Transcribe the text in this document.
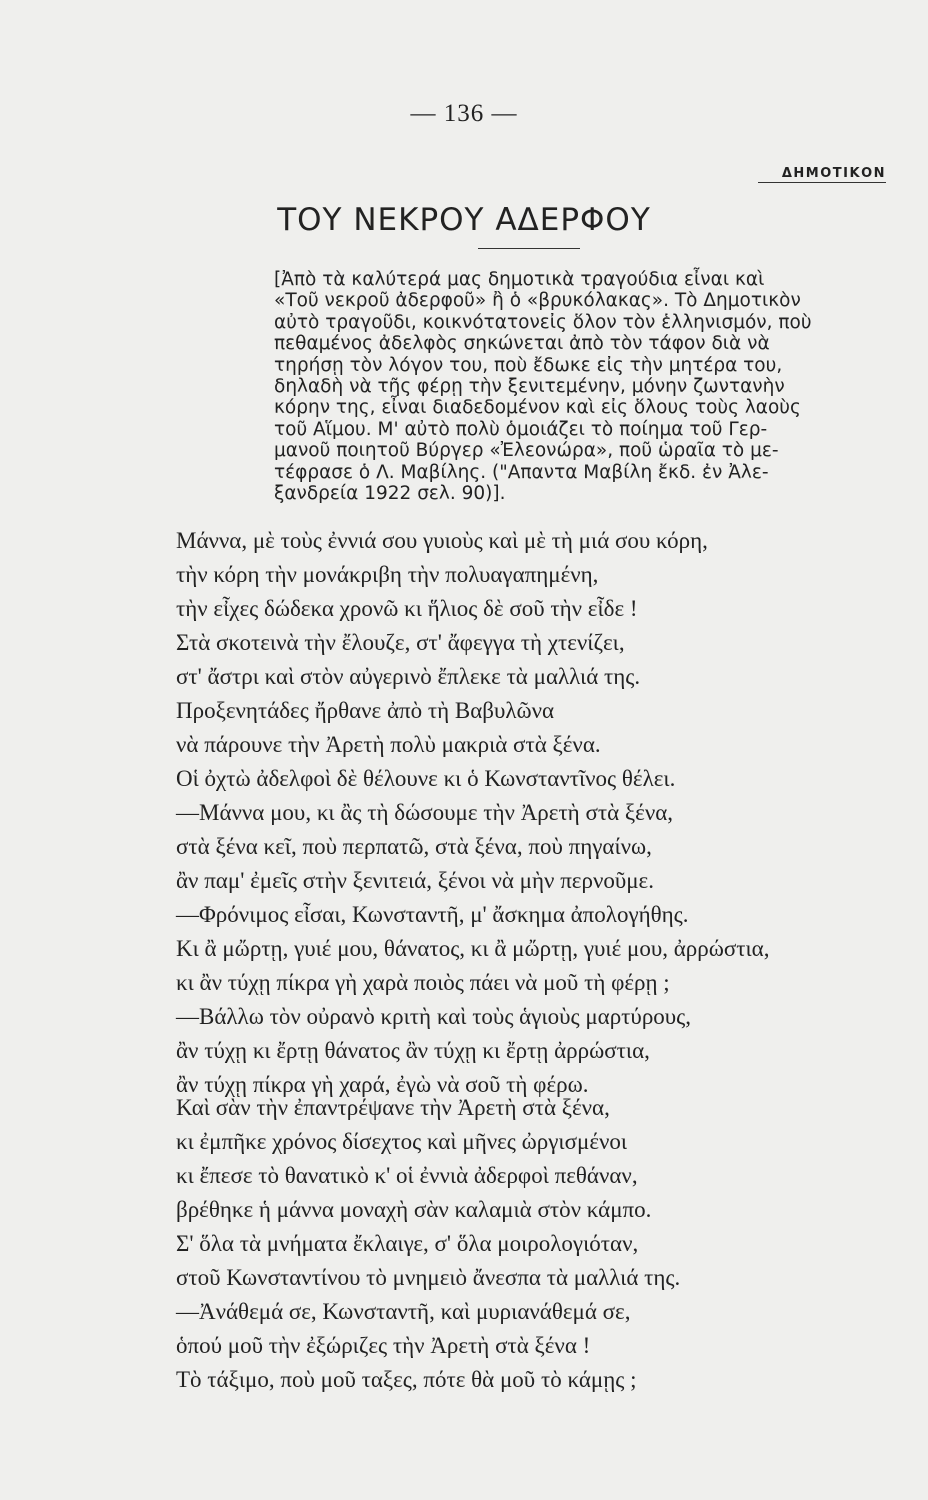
— 136 —
ΔΗΜΟΤΙΚΟΝ
ΤΟΥ ΝΕΚΡΟΥ ΑΔΕΡΦΟΥ
[Ἀπὸ τὰ καλύτερά μας δημοτικὰ τραγούδια εἶναι καὶ
«Τοῦ νεκροῦ ἀδερφοῦ» ἢ ὁ «βρυκόλακας». Τὸ Δημοτικὸν
αὐτὸ τραγοῦδι, κοικνότατονεἰς ὅλον τὸν ἑλληνισμόν, ποὺ
πεθαμένος ἀδελφὸς σηκώνεται ἀπὸ τὸν τάφον διὰ νὰ
τηρήσῃ τὸν λόγον του, ποὺ ἔδωκε εἰς τὴν μητέρα του,
δηλαδὴ νὰ τῆς φέρῃ τὴν ξενιτεμένην, μόνην ζωντανὴν
κόρην της, εἶναι διαδεδομένον καὶ εἰς ὅλους τοὺς λαοὺς
τοῦ Αἵμου. Μ' αὐτὸ πολὺ ὁμοιάζει τὸ ποίημα τοῦ Γερ-
μανοῦ ποιητοῦ Βύργερ «Ἐλεονώρα», ποῦ ὡραῖα τὸ με-
τέφρασε ὁ Λ. Μαβίλης. ("Απαντα Μαβίλη ἔκδ. ἐν Ἀλε-
ξανδρεία 1922 σελ. 90)].
Μάννα, μὲ τοὺς ἐννιά σου γυιοὺς καὶ μὲ τὴ μιά σου κόρη,
τὴν κόρη τὴν μονάκριβη τὴν πολυαγαπημένη,
τὴν εἶχες δώδεκα χρονῶ κι ἥλιος δὲ σοῦ τὴν εἶδε !
Στὰ σκοτεινὰ τὴν ἔλουζε, στ' ἄφεγγα τὴ χτενίζει,
στ' ἄστρι καὶ στὸν αὐγερινὸ ἔπλεκε τὰ μαλλιά της.
Προξενητάδες ἤρθανε ἀπὸ τὴ Βαβυλῶνα
νὰ πάρουνε τὴν Ἀρετὴ πολὺ μακριὰ στὰ ξένα.
Οἱ ὀχτὼ ἀδελφοὶ δὲ θέλουνε κι ὁ Κωνσταντῖνος θέλει.
—Μάννα μου, κι ἂς τὴ δώσουμε τὴν Ἀρετὴ στὰ ξένα,
στὰ ξένα κεῖ, ποὺ περπατῶ, στὰ ξένα, ποὺ πηγαίνω,
ἂν παμ' ἐμεῖς στὴν ξενιτειά, ξένοι νὰ μὴν περνοῦμε.
—Φρόνιμος εἶσαι, Κωνσταντῆ, μ' ἄσκημα ἀπολογήθης.
Κι ἂ μὤρτῃ, γυιέ μου, θάνατος, κι ἂ μὤρτῃ, γυιέ μου, ἀρρώστια,
κι ἂν τύχῃ πίκρα γὴ χαρὰ ποιὸς πάει νὰ μοῦ τὴ φέρῃ ;
—Βάλλω τὸν οὐρανὸ κριτὴ καὶ τοὺς ἁγιοὺς μαρτύρους,
ἂν τύχῃ κι ἔρτῃ θάνατος ἂν τύχῃ κι ἔρτῃ ἀρρώστια,
ἂν τύχῃ πίκρα γὴ χαρά, ἐγὼ νὰ σοῦ τὴ φέρω.
Καὶ σὰν τὴν ἐπαντρέψανε τὴν Ἀρετὴ στὰ ξένα,
κι ἐμπῆκε χρόνος δίσεχτος καὶ μῆνες ὠργισμένοι
κι ἔπεσε τὸ θανατικὸ κ' οἱ ἐννιὰ ἀδερφοὶ πεθάναν,
βρέθηκε ἡ μάννα μοναχὴ σὰν καλαμιὰ στὸν κάμπο.
Σ' ὅλα τὰ μνήματα ἔκλαιγε, σ' ὅλα μοιρολογιόταν,
στοῦ Κωνσταντίνου τὸ μνημειὸ ἄνεσπα τὰ μαλλιά της.
—Ἀνάθεμά σε, Κωνσταντῆ, καὶ μυριανάθεμά σε,
ὁπού μοῦ τὴν ἐξώριζες τὴν Ἀρετὴ στὰ ξένα !
Τὸ τάξιμο, ποὺ μοῦ ταξες, πότε θὰ μοῦ τὸ κάμῃς ;
